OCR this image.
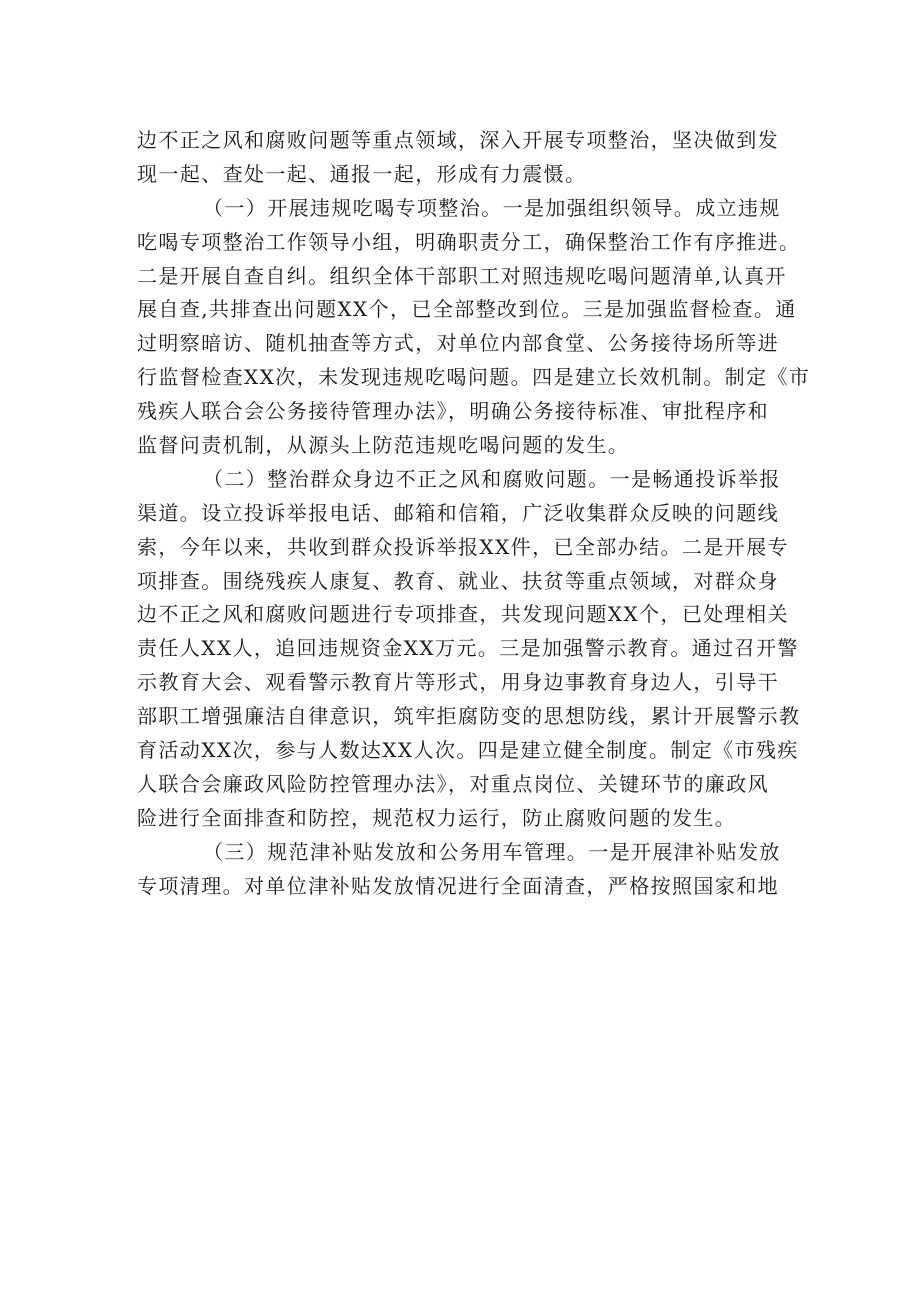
边不正之风和腐败问题等重点领域，深入开展专项整治，坚决做到发
现一起、查处一起、通报一起，形成有力震慑。
（一）开展违规吃喝专项整治。一是加强组织领导。成立违规
吃喝专项整治工作领导小组，明确职责分工，确保整治工作有序推进。
二是开展自查自纠。组织全体干部职工对照违规吃喝问题清单,认真开
展自查,共排查出问题XX个，已全部整改到位。三是加强监督检查。通
过明察暗访、随机抽查等方式，对单位内部食堂、公务接待场所等进
行监督检查XX次，未发现违规吃喝问题。四是建立长效机制。制定《市
残疾人联合会公务接待管理办法》，明确公务接待标准、审批程序和
监督问责机制，从源头上防范违规吃喝问题的发生。
（二）整治群众身边不正之风和腐败问题。一是畅通投诉举报
渠道。设立投诉举报电话、邮箱和信箱，广泛收集群众反映的问题线
索，今年以来，共收到群众投诉举报XX件，已全部办结。二是开展专
项排查。围绕残疾人康复、教育、就业、扶贫等重点领域，对群众身
边不正之风和腐败问题进行专项排查，共发现问题XX个，已处理相关
责任人XX人，追回违规资金XX万元。三是加强警示教育。通过召开警
示教育大会、观看警示教育片等形式，用身边事教育身边人，引导干
部职工增强廉洁自律意识，筑牢拒腐防变的思想防线，累计开展警示教
育活动XX次，参与人数达XX人次。四是建立健全制度。制定《市残疾
人联合会廉政风险防控管理办法》，对重点岗位、关键环节的廉政风
险进行全面排查和防控，规范权力运行，防止腐败问题的发生。
（三）规范津补贴发放和公务用车管理。一是开展津补贴发放
专项清理。对单位津补贴发放情况进行全面清查，严格按照国家和地
